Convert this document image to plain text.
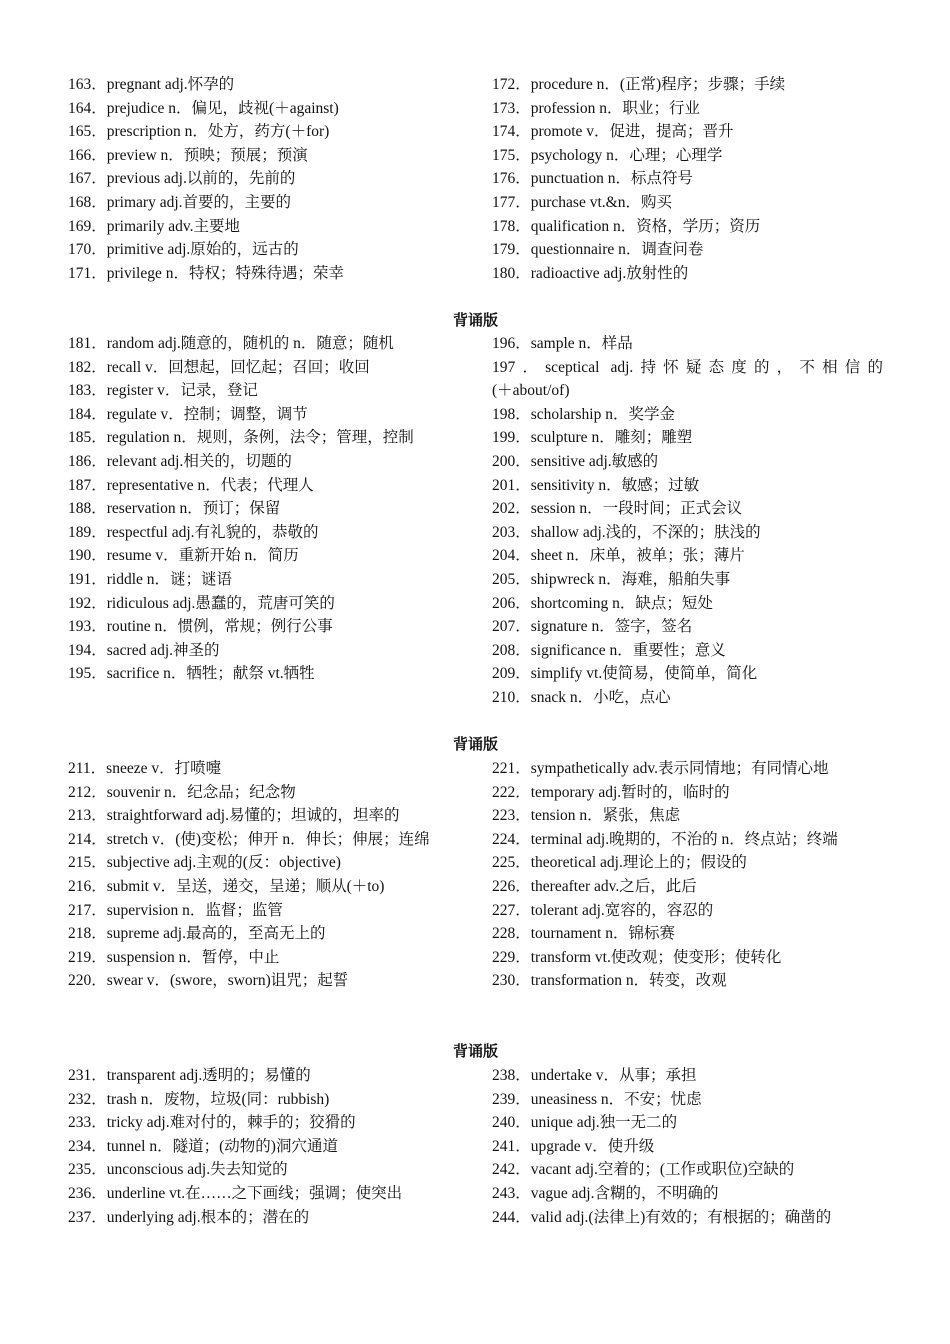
163．pregnant adj.怀孕的
164．prejudice n．偏见，歧视(＋against)
165．prescription n．处方，药方(＋for)
166．preview n．预映；预展；预演
167．previous adj.以前的，先前的
168．primary adj.首要的，主要的
169．primarily adv.主要地
170．primitive adj.原始的，远古的
171．privilege n．特权；特殊待遇；荣幸
172．procedure n．(正常)程序；步骤；手续
173．profession n．职业；行业
174．promote v．促进，提高；晋升
175．psychology n．心理；心理学
176．punctuation n．标点符号
177．purchase vt.&n．购买
178．qualification n．资格，学历；资历
179．questionnaire n．调查问卷
180．radioactive adj.放射性的
背诵版
181．random adj.随意的，随机的 n．随意；随机
182．recall v．回想起，回忆起；召回；收回
183．register v．记录，登记
184．regulate v．控制；调整，调节
185．regulation n．规则，条例，法令；管理，控制
186．relevant adj.相关的，切题的
187．representative n．代表；代理人
188．reservation n．预订；保留
189．respectful adj.有礼貌的，恭敬的
190．resume v．重新开始 n．简历
191．riddle n．谜；谜语
192．ridiculous adj.愚蠢的，荒唐可笑的
193．routine n．惯例，常规；例行公事
194．sacred adj.神圣的
195．sacrifice n．牺牲；献祭 vt.牺牲
196．sample n．样品
197．sceptical adj.持怀疑态度的，不相信的
(＋about/of)
198．scholarship n．奖学金
199．sculpture n．雕刻；雕塑
200．sensitive adj.敏感的
201．sensitivity n．敏感；过敏
202．session n．一段时间；正式会议
203．shallow adj.浅的，不深的；肤浅的
204．sheet n．床单，被单；张；薄片
205．shipwreck n．海难，船舶失事
206．shortcoming n．缺点；短处
207．signature n．签字，签名
208．significance n．重要性；意义
209．simplify vt.使简易，使简单，简化
210．snack n．小吃，点心
背诵版
211．sneeze v．打喷嚏
212．souvenir n．纪念品；纪念物
213．straightforward adj.易懂的；坦诚的，坦率的
214．stretch v．(使)变松；伸开 n．伸长；伸展；连绵
215．subjective adj.主观的(反：objective)
216．submit v．呈送，递交，呈递；顺从(＋to)
217．supervision n．监督；监管
218．supreme adj.最高的，至高无上的
219．suspension n．暂停，中止
220．swear v．(swore，sworn)诅咒；起誓
221．sympathetically adv.表示同情地；有同情心地
222．temporary adj.暂时的，临时的
223．tension n．紧张，焦虑
224．terminal adj.晚期的，不治的 n．终点站；终端
225．theoretical adj.理论上的；假设的
226．thereafter adv.之后，此后
227．tolerant adj.宽容的，容忍的
228．tournament n．锦标赛
229．transform vt.使改观；使变形；使转化
230．transformation n．转变，改观
背诵版
231．transparent adj.透明的；易懂的
232．trash n．废物，垃圾(同：rubbish)
233．tricky adj.难对付的，棘手的；狡猾的
234．tunnel n．隧道；(动物的)洞穴通道
235．unconscious adj.失去知觉的
236．underline vt.在……之下画线；强调；使突出
237．underlying adj.根本的；潜在的
238．undertake v．从事；承担
239．uneasiness n．不安；忧虑
240．unique adj.独一无二的
241．upgrade v．使升级
242．vacant adj.空着的；(工作或职位)空缺的
243．vague adj.含糊的，不明确的
244．valid adj.(法律上)有效的；有根据的；确凿的
